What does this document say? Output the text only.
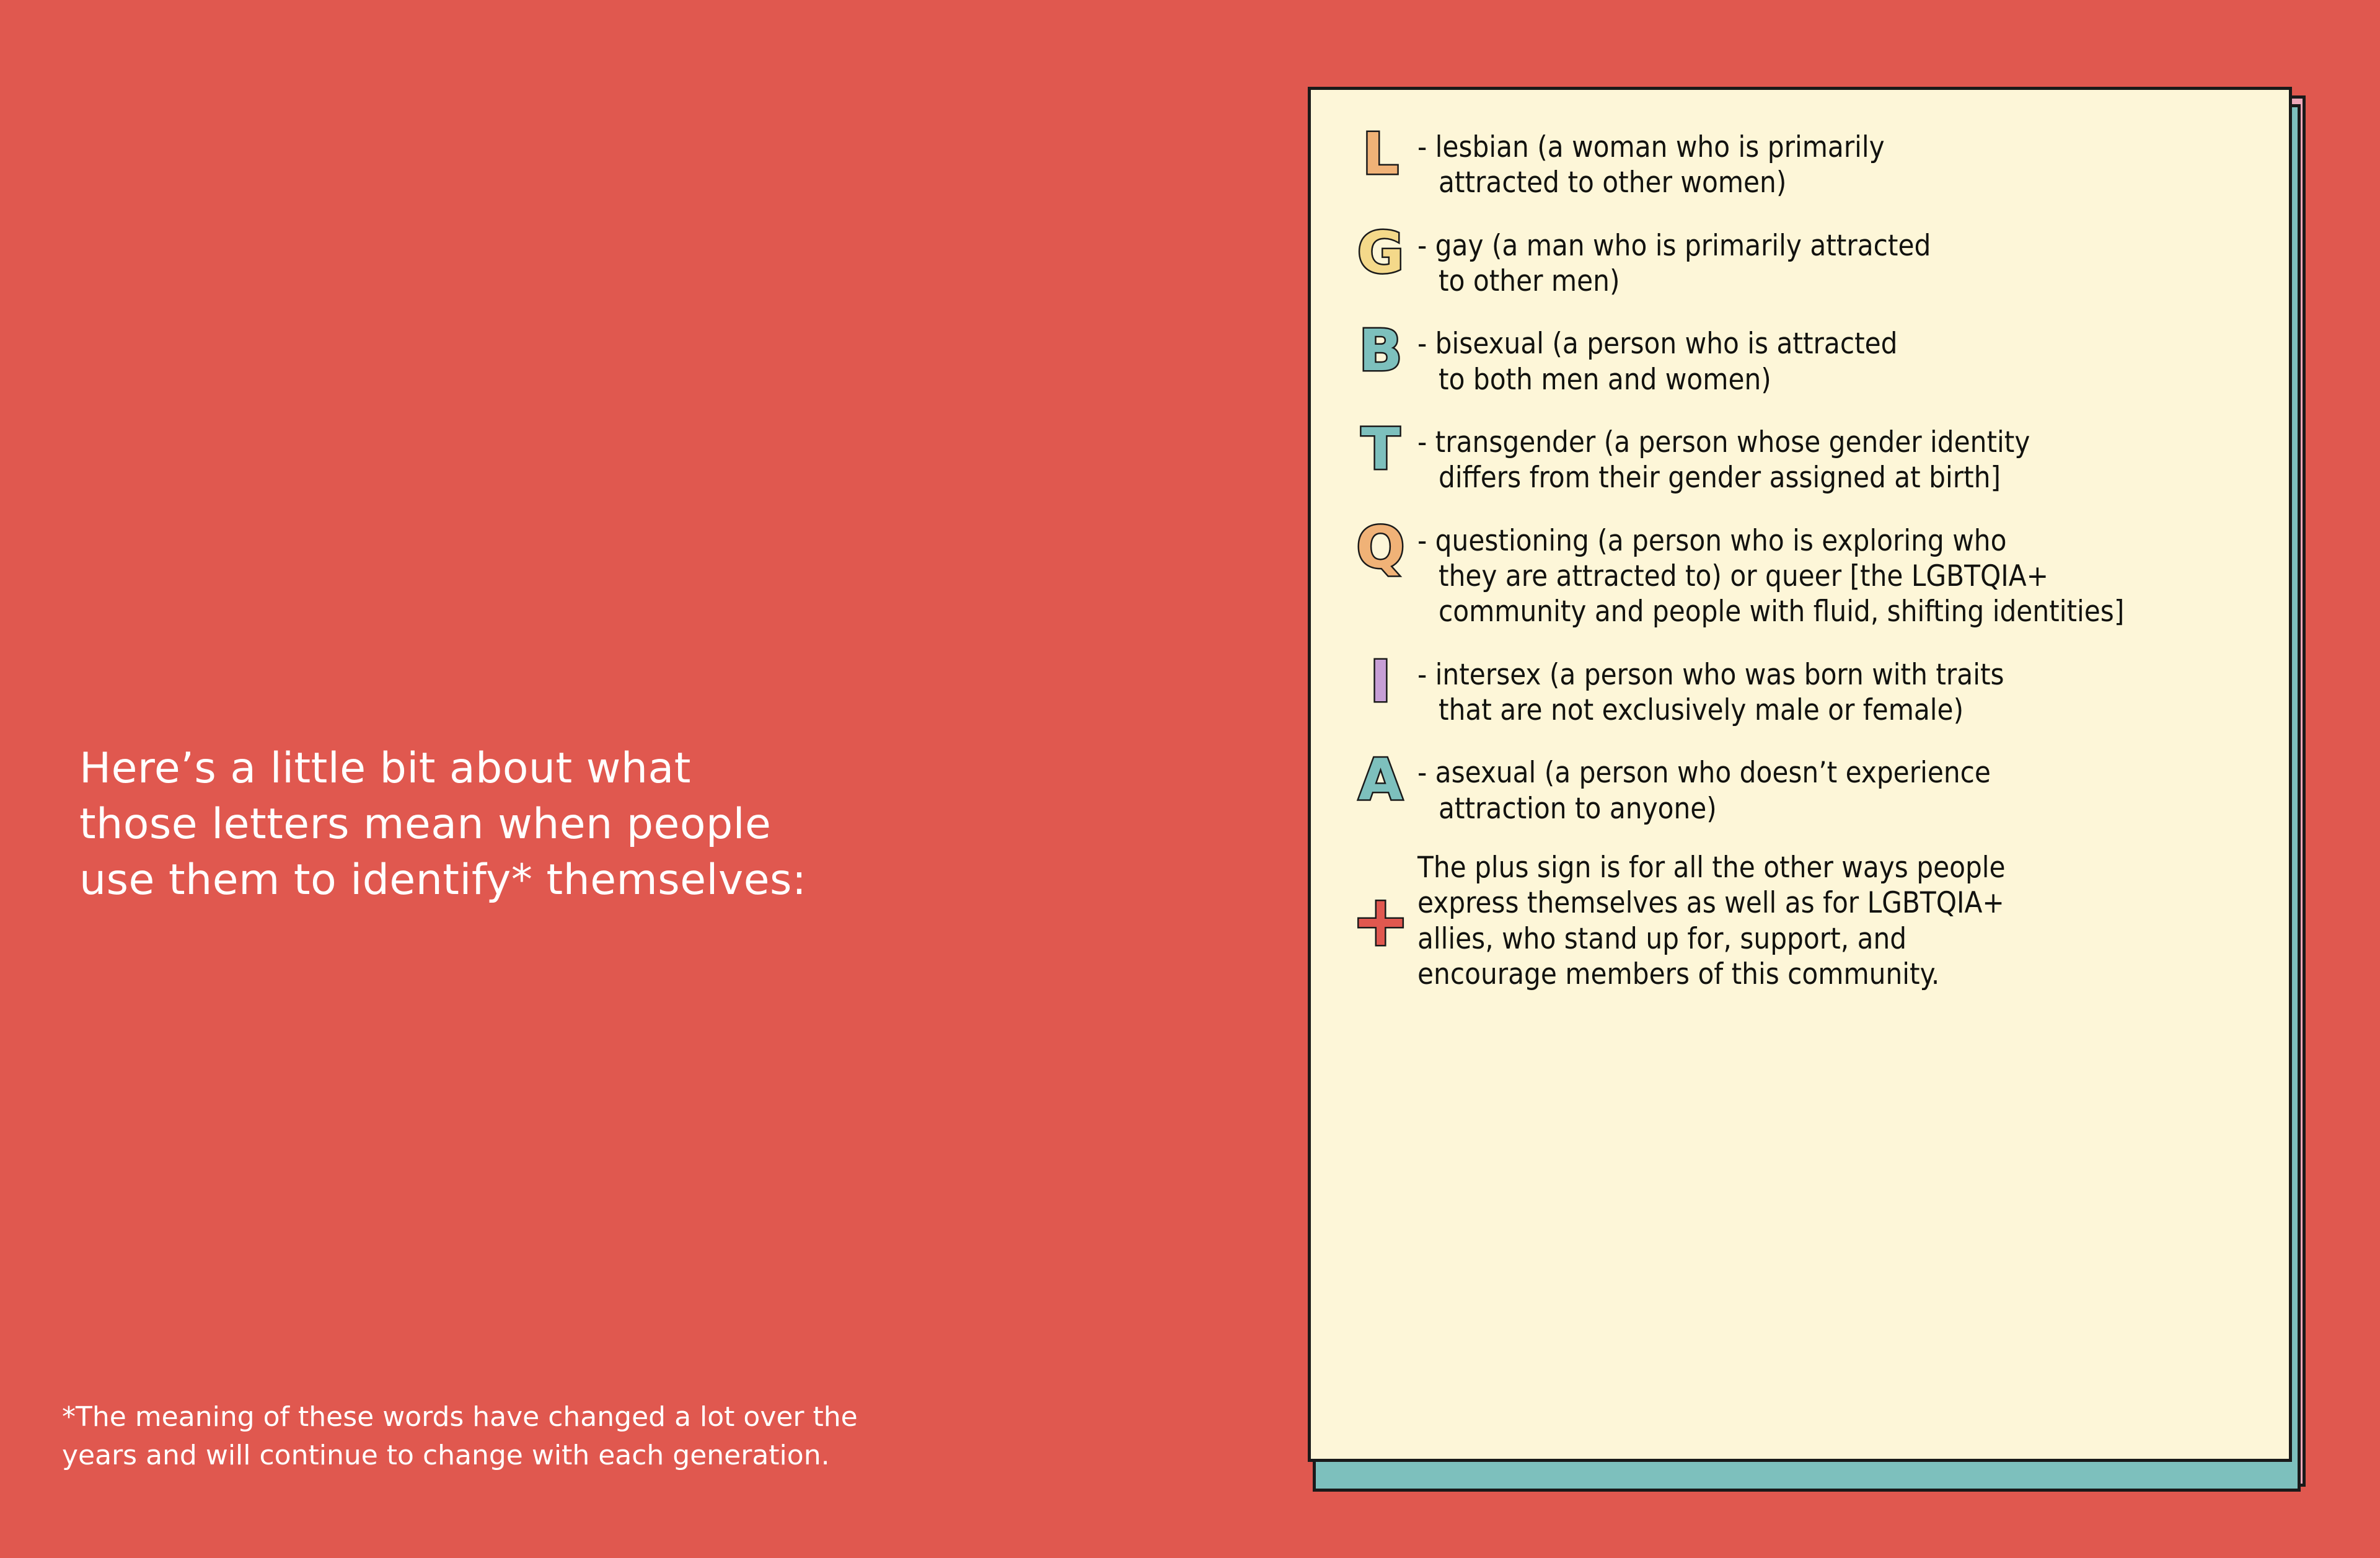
Here’s a little bit about what
those letters mean when people
use them to identify* themselves:
*The meaning of these words have changed a lot over the
years and will continue to change with each generation.
L - lesbian (a woman who is primarily
attracted to other women)
G - gay (a man who is primarily attracted
to other men)
B - bisexual (a person who is attracted
to both men and women)
T - transgender (a person whose gender identity
differs from their gender assigned at birth]
Q - questioning (a person who is exploring who
they are attracted to) or queer [the LGBTQIA+
community and people with fluid, shifting identities]
I - intersex (a person who was born with traits
that are not exclusively male or female)
A - asexual (a person who doesn’t experience
attraction to anyone)
+
The plus sign is for all the other ways people
express themselves as well as for LGBTQIA+
allies, who stand up for, support, and
encourage members of this community.
